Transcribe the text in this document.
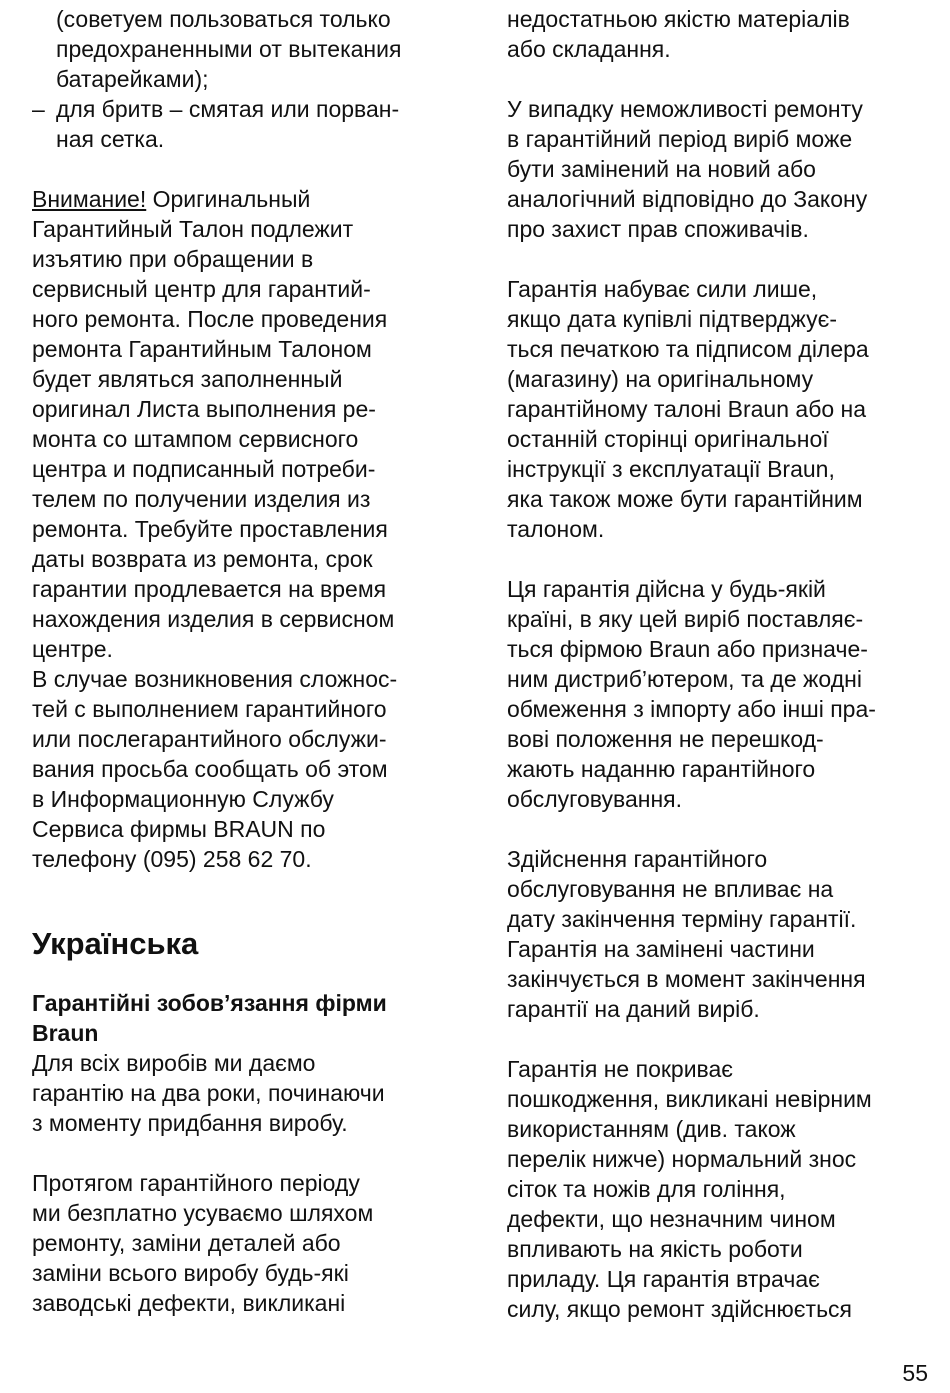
(советуем пользоваться только
предохраненными от вытекания
батарейками);
– для бритв – смятая или порван-
ная сетка.
Внимание! Оригинальный
Гарантийный Талон подлежит
изъятию при обращении в
сервисный центр для гарантий-
ного ремонта. После проведения
ремонта Гарантийным Талоном
будет являться заполненный
оригинал Листа выполнения ре-
монта со штампом сервисного
центра и подписанный потреби-
телем по получении изделия из
ремонта. Требуйте проставления
даты возврата из ремонта, срок
гарантии продлевается на время
нахождения изделия в сервисном
центре.
В случае возникновения сложнос-
тей с выполнением гарантийного
или послегарантийного обслужи-
вания просьба сообщать об этом
в Информационную Службу
Сервиса фирмы BRAUN по
телефону (095) 258 62 70.
Українська
Гарантійні зобов’язання фірми
Braun
Для всіх виробів ми даємо
гарантію на два роки, починаючи
з моменту придбання виробу.
Протягом гарантійного періоду
ми безплатно усуваємо шляхом
ремонту, заміни деталей або
заміни всього виробу будь-які
заводські дефекти, викликані
недостатньою якістю матеріалів
або складання.
У випадку неможливості ремонту
в гарантійний період виріб може
бути замінений на новий або
аналогічний відповідно до Закону
про захист прав споживачів.
Гарантія набуває сили лише,
якщо дата купівлі підтверджує-
ться печаткою та підписом ділера
(магазину) на оригінальному
гарантійному талоні Braun або на
останній сторінці оригінальної
інструкції з експлуатації Braun,
яка також може бути гарантійним
талоном.
Ця гарантія дійсна у будь-якій
країні, в яку цей виріб поставляє-
ться фірмою Braun або призначе-
ним дистриб’ютером, та де жодні
обмеження з імпорту або інші пра-
вові положення не перешкод-
жають наданню гарантійного
обслуговування.
Здійснення гарантійного
обслуговування не впливає на
дату закінчення терміну гарантії.
Гарантія на замінені частини
закінчується в момент закінчення
гарантії на даний виріб.
Гарантія не покриває
пошкодження, викликані невірним
використанням (див. також
перелік нижче) нормальний знос
сіток та ножів для гоління,
дефекти, що незначним чином
впливають на якість роботи
приладу. Ця гарантія втрачає
силу, якщо ремонт здійснюється
55
